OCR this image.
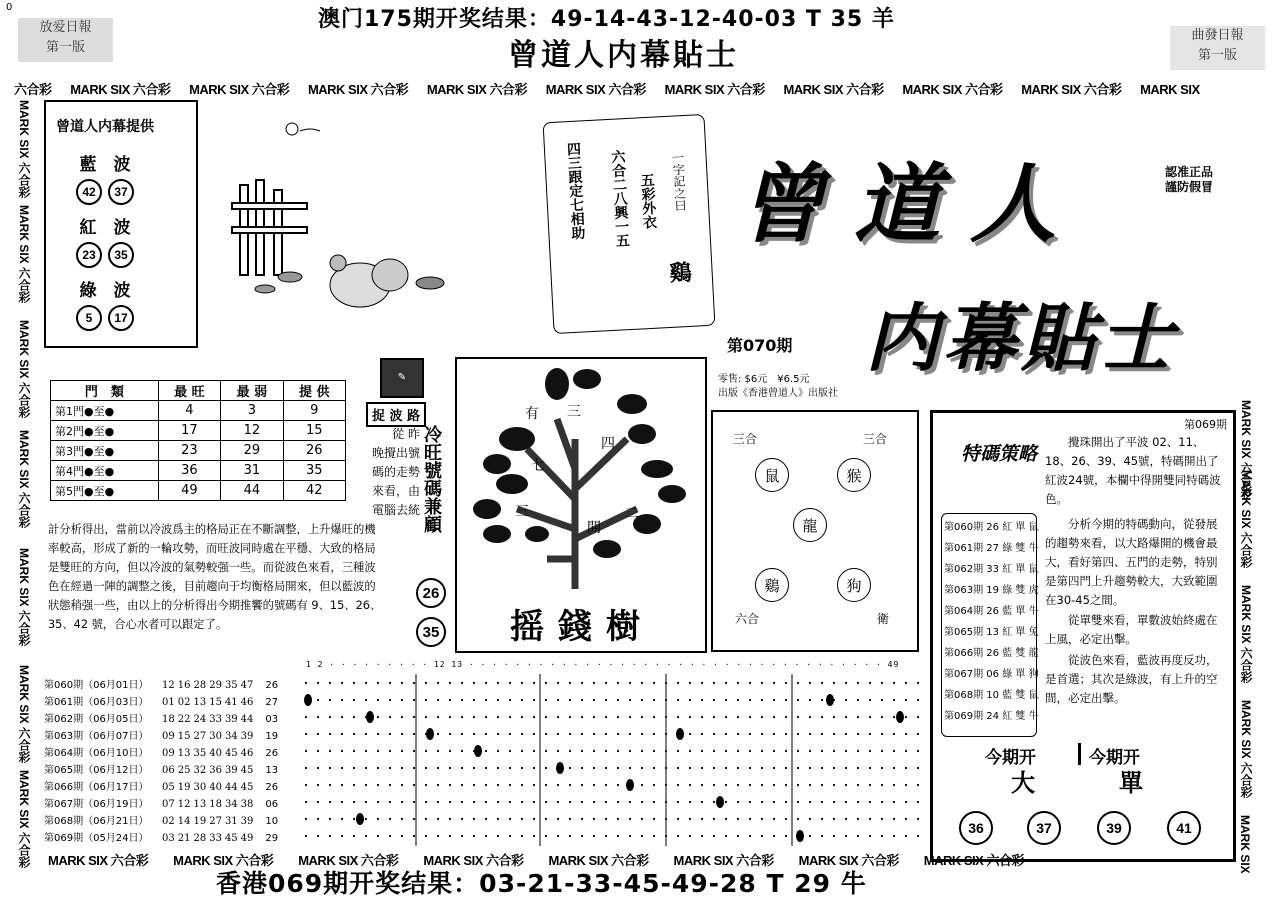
0	澳门175期开奖结果：49-14-43-12-40-03 T 35 羊
曾道人内幕貼士
放爱日報
第一版
曲發日報
第一版
六合彩 MARK SIX 六合彩 MARK SIX 六合彩 MARK SIX 六合彩 MARK SIX 六合彩 MARK SIX 六合彩 MARK SIX 六合彩 MARK SIX 六合彩 MARK SIX 六合彩 MARK SIX 六合彩 MARK SIX
MARK SIX 六合彩
MARK SIX 六合彩
MARK SIX 六合彩
MARK SIX 六合彩
MARK SIX 六合彩
MARK SIX 六合彩
MARK SIX 六合彩
MARK SIX 六合彩
MARK SIX 六合彩
MARK SIX 六合彩
MARK SIX 六合彩
MARK SIX
曾道人内幕提供
藍　波
42 37
紅　波
23 35
綠　波
5 17
一字記之曰
鷄
五彩外衣
六合二八興一五
四三跟定七相助 曾道人
内幕貼士
認准正品
謹防假冒
第070期
零售: $6元　¥6.5元
出版《香港曾道人》出版社
門　類	最 旺	最 弱	提 供
第1門●至●	4	3	9
第2門●至●	17	12	15
第3門●至●	23	29	26
第4門●至●	36	31	35
第5門●至●	49	44	42
✎
捉 波 路
從 昨
晚攪出號
碼的走勢
來看，由
電腦去統
計分析得出，當前以冷波爲主的格局正在不斷調整，上升爆旺的機
率較高，形成了新的一輪攻勢，而旺波同時處在平穩、大致的格局
是雙旺的方向，但以冷波的氣勢較强一些。而從波色來看，三種波
色在經過一陣的調整之後，目前趨向于均衡格局開來，但以藍波的
狀態稍强一些，由以上的分析得出今期推饗的號碼有 9、15、26、
35、42 號，合心水者可以跟定了。
冷旺號碼兼顧
26
35
有 三
四
七
三
開
二
摇錢樹
三合	三合
六合	衛
鼠	猴
龍
鷄	狗
第069期
特碼策略
第060期 26 紅 單 鼠
第061期 27 綠 雙 牛
第062期 33 紅 單 鼠
第063期 19 綠 雙 虎
第064期 26 藍 單 牛
第065期 13 紅 單 兔
第066期 26 藍 雙 龍
第067期 06 綠 單 狗
第068期 10 藍 雙 鼠
第069期 24 紅 雙 牛
攪珠開出了平波 02、11、18、26、39、45號，特碼開出了紅波24號，本欄中得開雙同特碼波色。
分析今期的特碼動向，從發展的趨勢來看，以大路爆開的機會最大，看好第四、五門的走勢，特别是第四門上升趨勢較大，大致範圍在30-45之間。
從單雙來看，單數波始終處在上風，必定出擊。
從波色來看，藍波再度反功，是首選；其次是綠波，有上升的空間，必定出擊。
今期开	今期开
大	單
36	37	39	41
1 2 · · · · · · · · · 12 13 · · · · · · · · · · · · · · · · · · · · · · · · · · · · · · · · · · · · 49
第060期（06月01日） 12 16 28 29 35 47 26
第061期（06月03日） 01 02 13 15 41 46 27
第062期（06月05日） 18 22 24 33 39 44 03
第063期（06月07日） 09 15 27 30 34 39 19
第064期（06月10日） 09 13 35 40 45 46 26
第065期（06月12日） 06 25 32 36 39 45 13
第066期（06月17日） 05 19 30 40 44 45 26
第067期（06月19日） 07 12 13 18 34 38 06
第068期（06月21日） 02 14 19 27 31 39 10
第069期（05月24日） 03 21 28 33 45 49 29
MARK SIX 六合彩 MARK SIX 六合彩 MARK SIX 六合彩 MARK SIX 六合彩 MARK SIX 六合彩 MARK SIX 六合彩 MARK SIX 六合彩 MARK SIX 六合彩
香港069期开奖结果：03-21-33-45-49-28 T 29 牛
